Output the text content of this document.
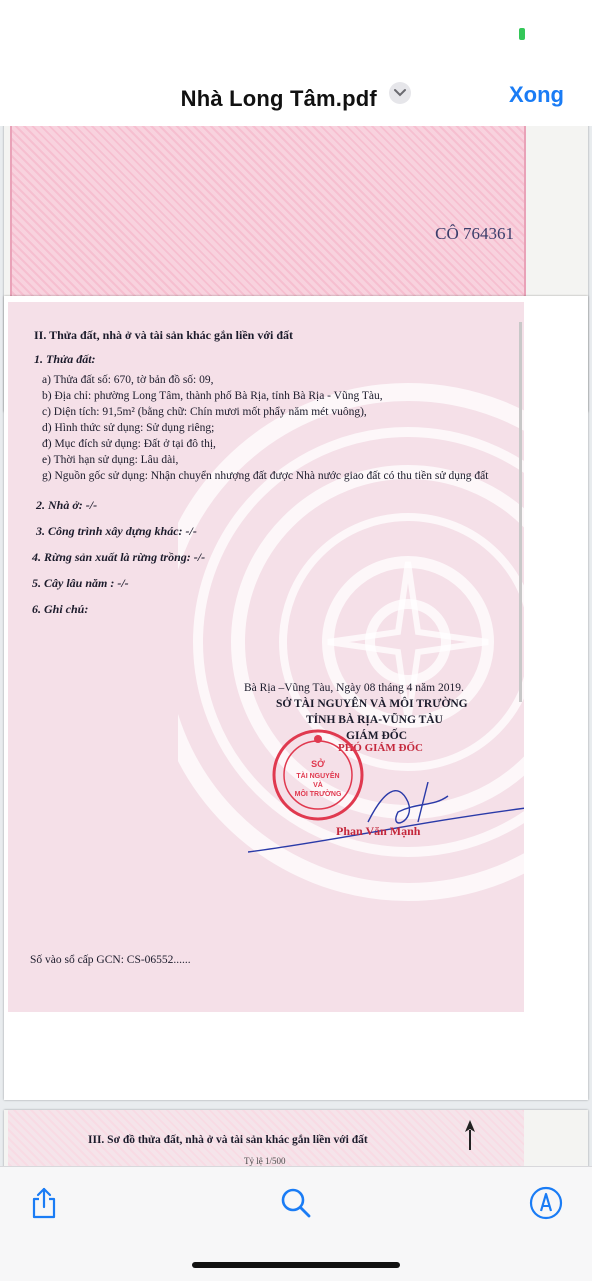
Nhà Long Tâm.pdf	Xong
CÔ 764361
II. Thửa đất, nhà ở và tài sản khác gắn liền với đất
1. Thửa đất:
a) Thửa đất số: 670, tờ bản đồ số: 09,
b) Địa chỉ: phường Long Tâm, thành phố Bà Rịa, tỉnh Bà Rịa - Vũng Tàu,
c) Diện tích: 91,5m² (bằng chữ: Chín mươi mốt phẩy năm mét vuông),
d) Hình thức sử dụng: Sử dụng riêng;
đ) Mục đích sử dụng: Đất ở tại đô thị,
e) Thời hạn sử dụng: Lâu dài,
g) Nguồn gốc sử dụng: Nhận chuyển nhượng đất được Nhà nước giao đất có thu tiền sử dụng đất
2. Nhà ở: -/-
3. Công trình xây dựng khác: -/-
4. Rừng sản xuất là rừng trồng: -/-
5. Cây lâu năm : -/-
6. Ghi chú:
Bà Rịa –Vũng Tàu, Ngày 08 tháng 4 năm 2019.
SỞ TÀI NGUYÊN VÀ MÔI TRƯỜNG
TỈNH BÀ RỊA-VŨNG TÀU
GIÁM ĐỐC
PHÓ GIÁM ĐỐC
Số vào sổ cấp GCN: CS-06552......
SỞ
TÀI NGUYÊN
VÀ
MÔI TRƯỜNG
Phan Văn Mạnh
III. Sơ đồ thửa đất, nhà ở và tài sản khác gắn liền với đất
Tỷ lệ 1/500
